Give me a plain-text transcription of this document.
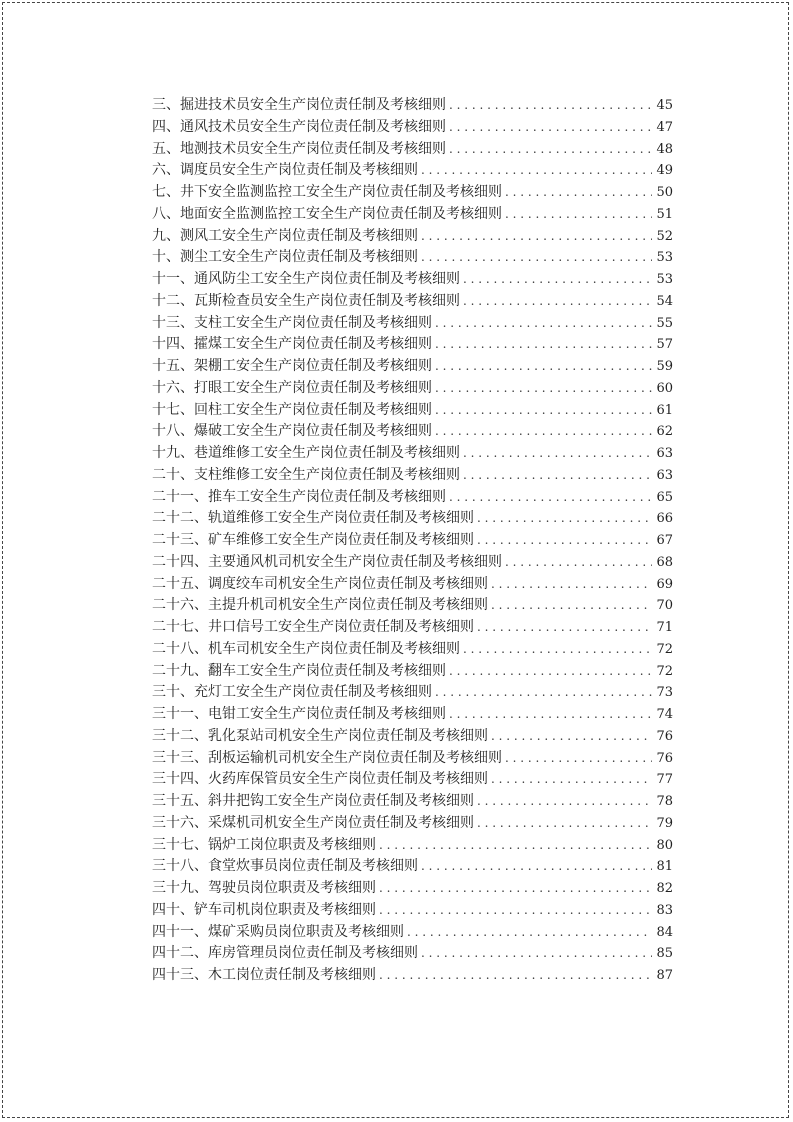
三、掘进技术员安全生产岗位责任制及考核细则 . . .	45
四、通风技术员安全生产岗位责任制及考核细则 . . .	47
五、地测技术员安全生产岗位责任制及考核细则 . . .	48
六、调度员安全生产岗位责任制及考核细则 . . .	49
七、井下安全监测监控工安全生产岗位责任制及考核细则 . . .	50
八、地面安全监测监控工安全生产岗位责任制及考核细则 . . .	51
九、测风工安全生产岗位责任制及考核细则 . . .	52
十、测尘工安全生产岗位责任制及考核细则 . . .	53
十一、通风防尘工安全生产岗位责任制及考核细则 . . .	53
十二、瓦斯检查员安全生产岗位责任制及考核细则 . . .	54
十三、支柱工安全生产岗位责任制及考核细则 . . .	55
十四、攉煤工安全生产岗位责任制及考核细则 . . .	57
十五、架棚工安全生产岗位责任制及考核细则 . . .	59
十六、打眼工安全生产岗位责任制及考核细则 . . .	60
十七、回柱工安全生产岗位责任制及考核细则 . . .	61
十八、爆破工安全生产岗位责任制及考核细则 . . .	62
十九、巷道维修工安全生产岗位责任制及考核细则 . . .	63
二十、支柱维修工安全生产岗位责任制及考核细则 . . .	63
二十一、推车工安全生产岗位责任制及考核细则 . . .	65
二十二、轨道维修工安全生产岗位责任制及考核细则 . . .	66
二十三、矿车维修工安全生产岗位责任制及考核细则 . . .	67
二十四、主要通风机司机安全生产岗位责任制及考核细则 . . .	68
二十五、调度绞车司机安全生产岗位责任制及考核细则 . . .	69
二十六、主提升机司机安全生产岗位责任制及考核细则 . . .	70
二十七、井口信号工安全生产岗位责任制及考核细则 . . .	71
二十八、机车司机安全生产岗位责任制及考核细则 . . .	72
二十九、翻车工安全生产岗位责任制及考核细则 . . .	72
三十、充灯工安全生产岗位责任制及考核细则 . . .	73
三十一、电钳工安全生产岗位责任制及考核细则 . . .	74
三十二、乳化泵站司机安全生产岗位责任制及考核细则 . . .	76
三十三、刮板运输机司机安全生产岗位责任制及考核细则 . . .	76
三十四、火药库保管员安全生产岗位责任制及考核细则 . . .	77
三十五、斜井把钩工安全生产岗位责任制及考核细则 . . .	78
三十六、采煤机司机安全生产岗位责任制及考核细则 . . .	79
三十七、锅炉工岗位职责及考核细则 . . .	80
三十八、食堂炊事员岗位责任制及考核细则 . . .	81
三十九、驾驶员岗位职责及考核细则 . . .	82
四十、铲车司机岗位职责及考核细则 . . .	83
四十一、煤矿采购员岗位职责及考核细则 . . .	84
四十二、库房管理员岗位责任制及考核细则 . . .	85
四十三、木工岗位责任制及考核细则 . . .	87
